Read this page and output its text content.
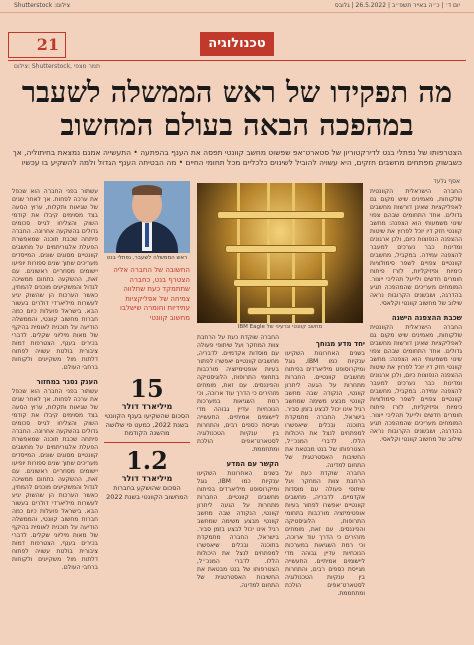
יום ד׳ | כ״ה באייר תשפ״ב | 26.5.2022 | גלובס
צילום: Shutterstock
21	טכנולוגיה
צילום: Shutterstock, תמר מצפי
מה תפקידו של ראש הממשלה לשעבר במהפכה הבאה בעולם המחשוב
הצטרפותו של נפתלי בנט לדירקטוריון של סטארט־אפ שפשוט מחשב קוונטי תפסה את הענף בהפתעה • התעשייה אמנם נמצאת בחיתוליה, אך כשבשוק מפתחים מחשבים חזקים, היא עשויה להוביל לשינוים כלכליים מכל תחומי החיים • מה הבטיחה הענף הגדול ולמה להשקיע בו עכשיו
אסף גלעד
החברה הישראלית הקוונטית שלקוחות, מאמינים שיש מקום גם לאפליקציות שאינן דורשות מחשבים גדולים. אחד התחומים שבהם צפוי שינוי משמעותי הוא הצפנה: מחשב קוונטי חזק דיו יוכל לפרוץ את שיטות ההצפנה הנפוצות כיום, ולכן ארגונים ומדינות כבר נערכים למעבר להצפנה עמידה. במקביל, מחשבים קוונטיים צפויים לשפר סימולציות כימיות ופיזיקליות, לזרז פיתוח חומרים חדשים ולייעל תהליכי ייצור. המומחים מעריכים שהמהפכה תגיע בהדרגה, ושבשנים הקרובות נראה שילוב של מחשוב קוונטי וקלאסי.
שכבת ההצפנה הישנה
החברה הישראלית הקוונטית שלקוחות, מאמינים שיש מקום גם לאפליקציות שאינן דורשות מחשבים גדולים. אחד התחומים שבהם צפוי שינוי משמעותי הוא הצפנה: מחשב קוונטי חזק דיו יוכל לפרוץ את שיטות ההצפנה הנפוצות כיום, ולכן ארגונים ומדינות כבר נערכים למעבר להצפנה עמידה. במקביל, מחשבים קוונטיים צפויים לשפר סימולציות כימיות ופיזיקליות, לזרז פיתוח חומרים חדשים ולייעל תהליכי ייצור. המומחים מעריכים שהמהפכה תגיע בהדרגה, ושבשנים הקרובות נראה שילוב של מחשוב קוונטי וקלאסי.
מחשב קוונטי וגרעיני של IBM Eagle
יחד מדע מגוחך
בשנים האחרונות השקיעו ענקיות כמו IBM, גוגל ומיקרוסופט מיליארדים בפיתוח מחשבים קוונטיים. החברות מתחרות על הגעה ליתרון קוונטי, הנקודה שבה מחשב קוונטי מבצע משימה שמחשב רגיל אינו יכול לבצע בזמן סביר. בישראל, החברה מתמקדת בתוכנה ובכלים שיאפשרו למפתחים לנצל את היכולות הללו. לדברי המנכ״ל, הצטרפותו של בנט מבטאת את החשיבות האסטרטגית של התחום למדינה.
החברה שוקדת כעת על הרחבת צוות המחקר ועל שיתופי פעולה עם מוסדות אקדמיים. לדבריה, מחשבים קוונטיים יאפשרו לפתור בעיות אופטימיזציה מורכבות בתחומי התרופות, הלוגיסטיקה והפיננסים. עם זאת, מומחים מזהירים כי הדרך עוד ארוכה, וכי רמת השגיאות במערכות הנוכחיות עדיין גבוהה מדי ליישומים אמיתיים. התעשייה מגייסת כספים רבים, והתחרות בין ענקיות הטכנולוגיה לסטארט־אפים הולכת ומתחממת.
החברה שוקדת כעת על הרחבת צוות המחקר ועל שיתופי פעולה עם מוסדות אקדמיים. לדבריה, מחשבים קוונטיים יאפשרו לפתור בעיות אופטימיזציה מורכבות בתחומי התרופות, הלוגיסטיקה והפיננסים. עם זאת, מומחים מזהירים כי הדרך עוד ארוכה, וכי רמת השגיאות במערכות הנוכחיות עדיין גבוהה מדי ליישומים אמיתיים. התעשייה מגייסת כספים רבים, והתחרות בין ענקיות הטכנולוגיה לסטארט־אפים הולכת ומתחממת.
הקשר עם המדע
בשנים האחרונות השקיעו ענקיות כמו IBM, גוגל ומיקרוסופט מיליארדים בפיתוח מחשבים קוונטיים. החברות מתחרות על הגעה ליתרון קוונטי, הנקודה שבה מחשב קוונטי מבצע משימה שמחשב רגיל אינו יכול לבצע בזמן סביר. בישראל, החברה מתמקדת בתוכנה ובכלים שיאפשרו למפתחים לנצל את היכולות הללו. לדברי המנכ״ל, הצטרפותו של בנט מבטאת את החשיבות האסטרטגית של התחום למדינה.
ראש הממשלה לשעבר, נפתלי בנט
החשובה של החברה אליה הצטרף בנט, כחברה שתתמקד כעת שתלווה צמיחה של אפליקציות עתידיות וחומרה שישלבו מחשוב קוונטי
15
מיליארד דולר
הסכום שהשקיעו בענף הקוונטי בשנת 2022, כמעט פי שלושה מהשנה הקודמת
1.2
מיליארד דולר
הסכום שהושקע בחברות המחשוב הקוונטי בשנת 2022
עשתור בפני החברה הוא שכפל את ערכה לפחות. אך לאחר שנים של שגיאות ותקלות, ערוץ הסעה בצד מסוימים קיבלו את קודמי השוק והצליחו לגייס סכומים גדולים בהשקעה אחרונה. החברה פיתחה שכבת תוכנה שמאפשרת הפעלת אלגוריתמים על מחשבים קוונטיים מסוגים שונים. המייסדים מעריכים שתוך שנים ספורות יופיעו יישומים מסחריים ראשונים. עם זאת, ההשקעה בתחום ממשיכה לגדול והמשקיעים מוכנים להמתין, כאשר הערכות הן שהשוק יגיע לעשרות מיליארדי דולרים בעשור הבא. בישראל פועלות כיום כמה חברות מחשוב קוונטי, והממשלה הודיעה על תוכנית לאומית בהיקף של מאות מיליוני שקלים. לדברי בכירים בענף, הצטרפות דמות ציבורית בולטת עשויה לפתוח דלתות מול משקיעים ולקוחות ברחבי העולם.
הענק נסגר במחזור
עשתור בפני החברה הוא שכפל את ערכה לפחות. אך לאחר שנים של שגיאות ותקלות, ערוץ הסעה בצד מסוימים קיבלו את קודמי השוק והצליחו לגייס סכומים גדולים בהשקעה אחרונה. החברה פיתחה שכבת תוכנה שמאפשרת הפעלת אלגוריתמים על מחשבים קוונטיים מסוגים שונים. המייסדים מעריכים שתוך שנים ספורות יופיעו יישומים מסחריים ראשונים. עם זאת, ההשקעה בתחום ממשיכה לגדול והמשקיעים מוכנים להמתין, כאשר הערכות הן שהשוק יגיע לעשרות מיליארדי דולרים בעשור הבא. בישראל פועלות כיום כמה חברות מחשוב קוונטי, והממשלה הודיעה על תוכנית לאומית בהיקף של מאות מיליוני שקלים. לדברי בכירים בענף, הצטרפות דמות ציבורית בולטת עשויה לפתוח דלתות מול משקיעים ולקוחות ברחבי העולם.
